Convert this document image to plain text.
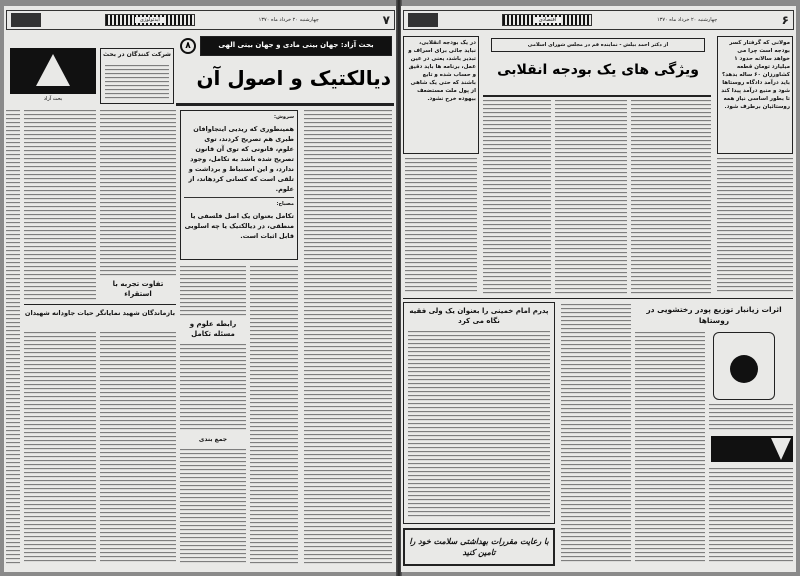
۷
چهارشنبه ۲۰ خرداد ماه ۱۳۷۰
ایدئولوژی
بحث آزاد: جهان بینی مادی و جهان بینی الهی
۸
دیالکتیک و اصول آن
شرکت کنندگان در بحث
بحث آزاد
سروش:
همینطوری که ریدیی ایتجاوافان طبری هم تصریح کردند، توی علوم، قانونی که توی آن قانون تصریح شده باشد به تکامل، وجود ندارد، و این استنباط و برداشت و تلقی است که کسانی کردهاند، از علوم.
مصباح:
تکامل بعنوان یک اصل فلسفی یا منطقی، در دیالکتیک یا چه اسلوبی قابل اثبات است.
رابطه علوم و مسئله تکامل
جمع بندی
تفاوت تجربه با استقراء
بازماندگان شهید نمایانگر حیات جاودانه شهیدان
۶
چهارشنبه ۲۰ خرداد ماه ۱۳۷۰
اقتصادی
در یک بودجه انقلابی، نباید جائی برای اسراف و تبذیر باشد، یعنی در عین عمل، برنامه ها باید دقیق و حساب شده و تابع باشند که حتی یک شاهی از پول ملت مستضعف بیهوده خرج نشود.
مولانی که گرفتار کسر بودجه است چرا می خواهد سالانه حدود ۱ میلیارد تومان قطعه کشاورزان ۶۰ ساله بدهد؟ باید درآمد دادگاه روستاها شود و منبع درآمد پیدا کند تا بطور اساسی نیاز همه روستائیان برطرف شود.
از دکتر احمد بیلش - نماینده قم در مجلس شورای اسلامی
ویژگی های یک بودجه انقلابی
پدرم امام خمینی را بعنوان یک ولی فقیه نگاه می کرد
با رعایت مقررات بهداشتی سلامت خود را تامین کنید
اثرات زیانبار توزیع پودر رختشویی در روستاها
